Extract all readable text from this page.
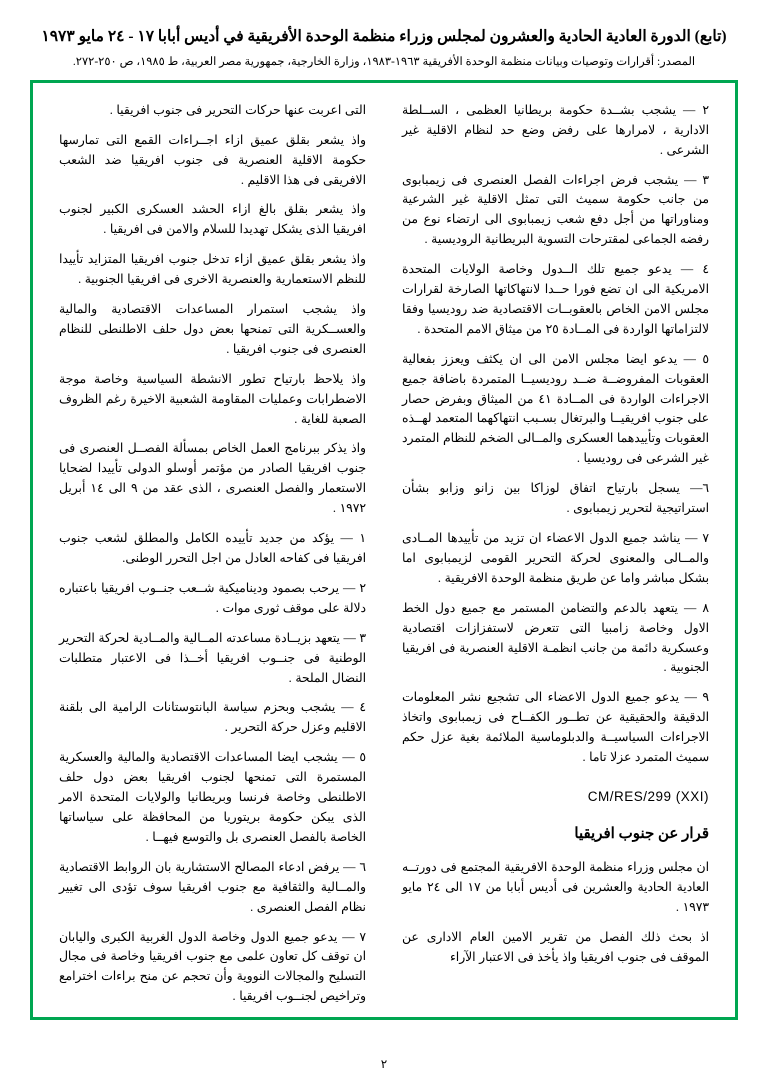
(تابع) الدورة العادية الحادية والعشرون لمجلس وزراء منظمة الوحدة الأفريقية في أديس أبابا ١٧ - ٢٤ مايو ١٩٧٣
المصدر: أقرارات وتوصيات وبيانات منظمة الوحدة الأفريقية ١٩٦٣-١٩٨٣، وزارة الخارجية، جمهورية مصر العربية، ط ١٩٨٥، ص ٢٥٠-٢٧٢.

٢ — يشجب بشــدة حكومة بريطانيا العظمى ، الســلطة الادارية ، لامرارها على رفض وضع حد لنظام الاقلية غير الشرعى .

٣ — يشجب فرض اجراءات الفصل العنصرى فى زيمبابوى من جانب حكومة سميث التى تمثل الاقلية غير الشرعية ومناوراتها من أجل دفع شعب زيمبابوى الى ارتضاء نوع من رفضه الجماعى لمقترحات التسوية البريطانية الروديسية .

٤ — يدعو جميع تلك الــدول وخاصة الولايات المتحدة الامريكية الى ان تضع فورا حــدا لانتهاكاتها الصارخة لقرارات مجلس الامن الخاص بالعقوبــات الاقتصادية ضد روديسيا وفقا لالتزاماتها الواردة فى المــادة ٢٥ من ميثاق الامم المتحدة .

٥ — يدعو ايضا مجلس الامن الى ان يكثف ويعزز بفعالية العقوبات المفروضــة ضــد روديسيــا المتمردة باضافة جميع الاجراءات الواردة فى المــادة ٤١ من الميثاق وبفرض حصار على جنوب افريقيــا والبرتغال بسـبب انتهاكهما المتعمد لهــذه العقوبات وتأييدهما العسكرى والمــالى الضخم للنظام المتمرد غير الشرعى فى روديسيا .

٦— يسجل بارتياح اتفاق لوزاكا بين زانو وزابو بشأن استراتيجية لتحرير زيمبابوى .

٧ — يناشد جميع الدول الاعضاء ان تزيد من تأييدها المــادى والمــالى والمعنوى لحركة التحرير القومى لزيمبابوى اما بشكل مباشر واما عن طريق منظمة الوحدة الافريقية .

٨ — يتعهد بالدعم والتضامن المستمر مع جميع دول الخط الاول وخاصة زامبيا التى تتعرض لاستفزازات اقتصادية وعسكرية دائمة من جانب انظمـة الاقلية العنصرية فى افريقيا الجنوبية .

٩ — يدعو جميع الدول الاعضاء الى تشجيع نشر المعلومات الدقيقة والحقيقية عن تطــور الكفــاح فى زيمبابوى واتخاذ الاجراءات السياسيــة والدبلوماسية الملائمة بغية عزل حكم سميث المتمرد عزلا تاما .

CM/RES/299 (XXI)
قرار عن جنوب افريقيا

ان مجلس وزراء منظمة الوحدة الافريقية المجتمع فى دورتــه العادية الحادية والعشرين فى أديس أبابا من ١٧ الى ٢٤ مايو ١٩٧٣ .

اذ بحث ذلك الفصل من تقرير الامين العام الادارى عن الموقف فى جنوب افريقيا واذ يأخذ فى الاعتبار الآراء

التى اعربت عنها حركات التحرير فى جنوب افريقيا .

واذ يشعر بقلق عميق ازاء اجــراءات القمع التى تمارسها حكومة الاقلية العنصرية فى جنوب افريقيا ضد الشعب الافريقى فى هذا الاقليم .

واذ يشعر بقلق بالغ ازاء الحشد العسكرى الكبير لجنوب افريقيا الذى يشكل تهديدا للسلام والامن فى افريقيا .

واذ يشعر بقلق عميق ازاء تدخل جنوب افريقيا المتزايد تأييدا للنظم الاستعمارية والعنصرية الاخرى فى افريقيا الجنوبية .

واذ يشجب استمرار المساعدات الاقتصادية والمالية والعســكرية التى تمنحها بعض دول حلف الاطلنطى للنظام العنصرى فى جنوب افريقيا .

واذ يلاحظ بارتياح تطور الانشطة السياسية وخاصة موجة الاضطرابات وعمليات المقاومة الشعبية الاخيرة رغم الظروف الصعبة للغاية .

واذ يذكر ببرنامج العمل الخاص بمسألة الفصــل العنصرى فى جنوب افريقيا الصادر من مؤتمر أوسلو الدولى تأييدا لضحايا الاستعمار والفصل العنصرى ، الذى عقد من ٩ الى ١٤ أبريل ١٩٧٢ .

١ — يؤكد من جديد تأييده الكامل والمطلق لشعب جنوب افريقيا فى كفاحه العادل من اجل التحرر الوطنى.

٢ — يرحب بصمود وديناميكية شــعب جنــوب افريقيا باعتباره دلالة على موقف ثورى موات .

٣ — يتعهد بزيــادة مساعدته المــالية والمــادية لحركة التحرير الوطنية فى جنــوب افريقيا أخــذا فى الاعتبار متطلبات النضال الملحة .

٤ — يشجب وبحزم سياسة البانتوستانات الرامية الى بلقنة الاقليم وعزل حركة التحرير .

٥ — يشجب ايضا المساعدات الاقتصادية والمالية والعسكرية المستمرة التى تمنحها لجنوب افريقيا بعض دول حلف الاطلنطى وخاصة فرنسا وبريطانيا والولايات المتحدة الامر الذى يبكن حكومة بريتوريا من المحافظة على سياساتها الخاصة بالفصل العنصرى بل والتوسع فيهــا .

٦ — يرفض ادعاء المصالح الاستشارية بان الروابط الاقتصادية والمــالية والثقافية مع جنوب افريقيا سوف تؤدى الى تغيير نظام الفصل العنصرى .

٧ — يدعو جميع الدول وخاصة الدول الغربية الكبرى واليابان ان توقف كل تعاون علمى مع جنوب افريقيا وخاصة فى مجال التسليح والمجالات النووية وأن تحجم عن منح براءات اخترامع وتراخيص لجنــوب افريقيا .

٢
